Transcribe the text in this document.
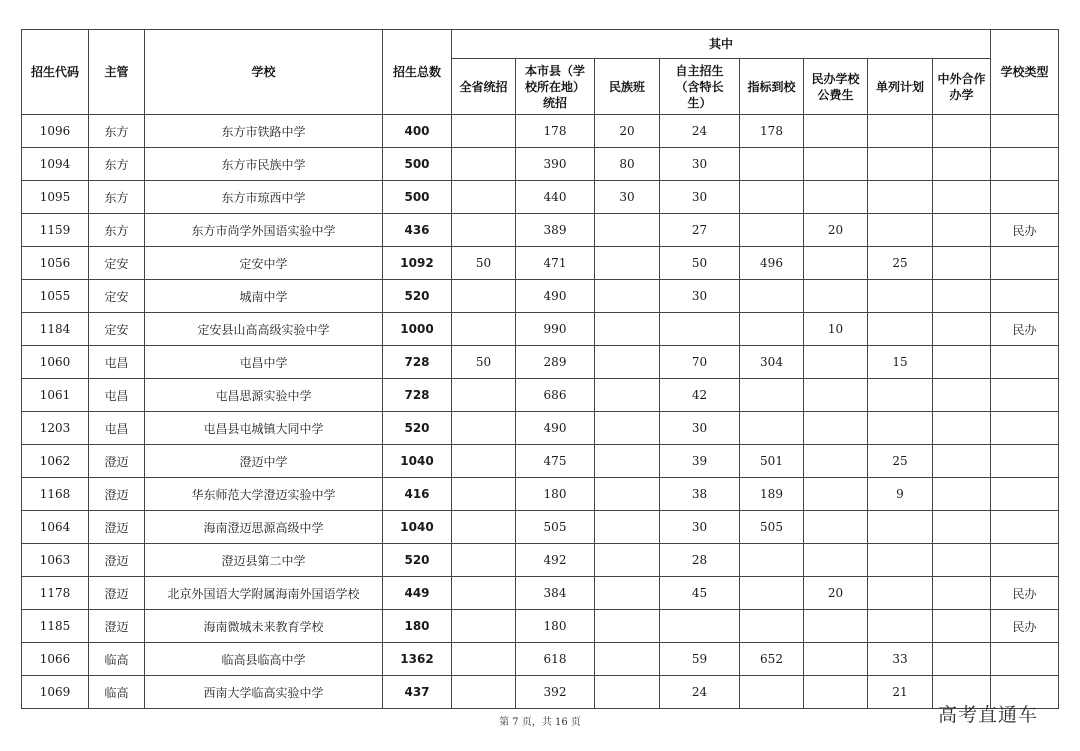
招生代码	主管	学校	招生总数	其中								学校类型
				全省统招	本市县（学校所在地）统招	民族班	自主招生（含特长生）	指标到校	民办学校公费生	单列计划	中外合作办学	
1096	东方	东方市铁路中学	400		178	20	24	178				
1094	东方	东方市民族中学	500		390	80	30					
1095	东方	东方市琼西中学	500		440	30	30					
1159	东方	东方市尚学外国语实验中学	436		389		27		20			民办
1056	定安	定安中学	1092	50	471		50	496		25		
1055	定安	城南中学	520		490		30					
1184	定安	定安县山高高级实验中学	1000		990				10			民办
1060	屯昌	屯昌中学	728	50	289		70	304		15		
1061	屯昌	屯昌思源实验中学	728		686		42					
1203	屯昌	屯昌县屯城镇大同中学	520		490		30					
1062	澄迈	澄迈中学	1040		475		39	501		25		
1168	澄迈	华东师范大学澄迈实验中学	416		180		38	189		9		
1064	澄迈	海南澄迈思源高级中学	1040		505		30	505				
1063	澄迈	澄迈县第二中学	520		492		28					
1178	澄迈	北京外国语大学附属海南外国语学校	449		384		45		20			民办
1185	澄迈	海南微城未来教育学校	180		180							民办
1066	临高	临高县临高中学	1362		618		59	652		33		
1069	临高	西南大学临高实验中学	437		392		24			21		
第 7 页，共 16 页	高考直通车
